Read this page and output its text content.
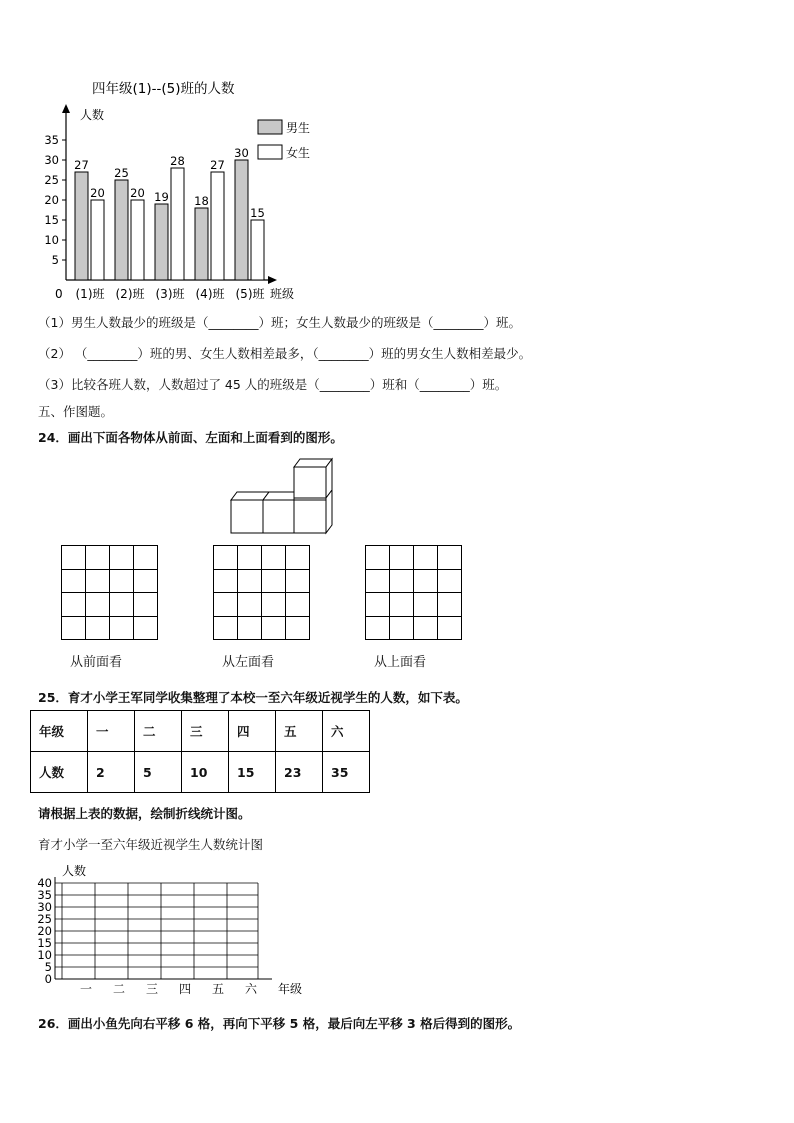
四年级(1)--(5)班的人数
人数
0	班级
男生
女生
5
10
15
20
25
30
35
27
20
(1)班
25
20
(2)班
19
28
(3)班
18
27
(4)班
30
15
(5)班
（1）男生人数最少的班级是（________）班；女生人数最少的班级是（________）班。
（2） （________）班的男、女生人数相差最多，（________）班的男女生人数相差最少。
（3）比较各班人数，人数超过了 45 人的班级是（________）班和（________）班。
五、作图题。
24．画出下面各物体从前面、左面和上面看到的图形。

从前面看	从左面看	从上面看
25．育才小学王军同学收集整理了本校一至六年级近视学生的人数，如下表。
年级	一	二	三	四	五	六
人数	2	5	10	15	23	35
请根据上表的数据，绘制折线统计图。
育才小学一至六年级近视学生人数统计图
人数
年级
0
5
10
15
20
25
30
35
40
一 二 三 四 五 六
26．画出小鱼先向右平移 6 格，再向下平移 5 格，最后向左平移 3 格后得到的图形。
